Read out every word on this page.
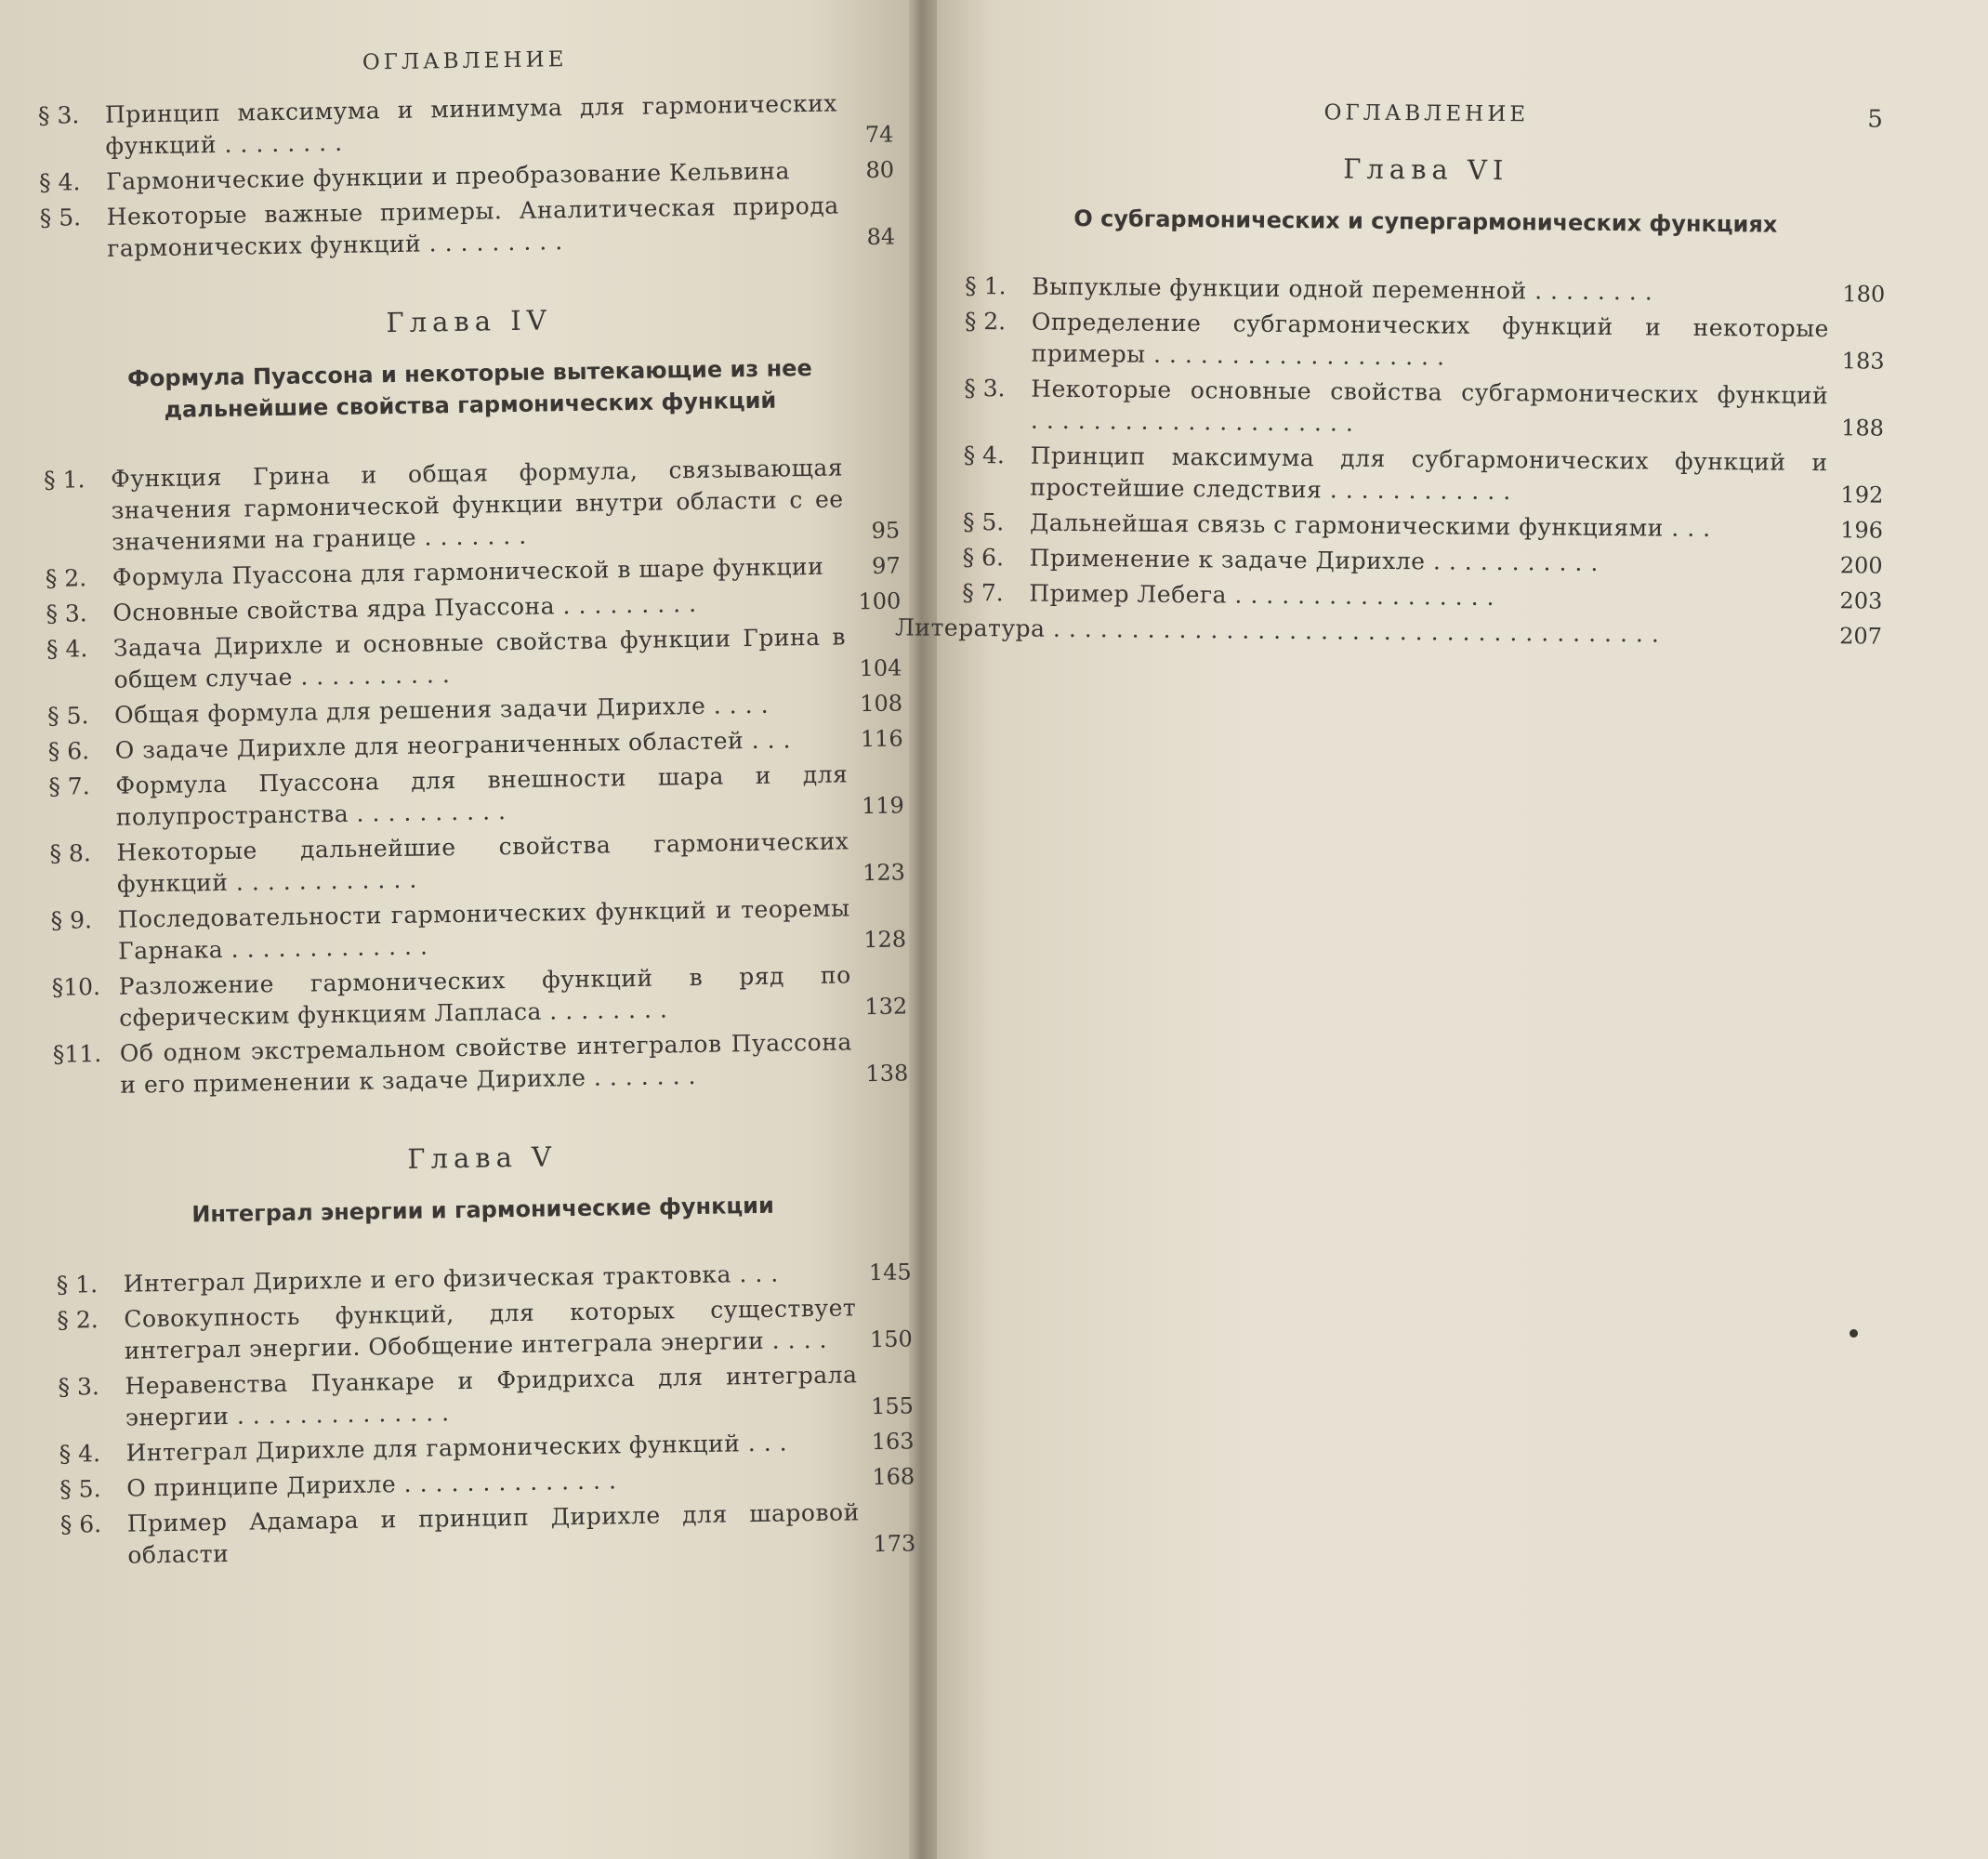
ОГЛАВЛЕНИЕ
§ 3.	Принцип максимума и минимума для гармонических функций ........	74
§ 4.	Гармонические функции и преобразование Кельвина	80
§ 5.	Некоторые важные примеры. Аналитическая природа гармонических функций .........	84
Глава IV
Формула Пуассона и некоторые вытекающие из нее дальнейшие свойства гармонических функций
§ 1.	Функция Грина и общая формула, связывающая значения гармонической функции внутри области с ее значениями на границе .......	95
§ 2.	Формула Пуассона для гармонической в шаре функции	97
§ 3.	Основные свойства ядра Пуассона .........	100
§ 4.	Задача Дирихле и основные свойства функции Грина в общем случае ..........	104
§ 5.	Общая формула для решения задачи Дирихле ....	108
§ 6.	О задаче Дирихле для неограниченных областей ...	116
§ 7.	Формула Пуассона для внешности шара и для полупространства ..........	119
§ 8.	Некоторые дальнейшие свойства гармонических функций ............	123
§ 9.	Последовательности гармонических функций и теоремы Гарнака .............	128
§10. Разложение гармонических функций в ряд по сферическим функциям Лапласа ........	132
§11. Об одном экстремальном свойстве интегралов Пуассона и его применении к задаче Дирихле .......	138
Глава V
Интеграл энергии и гармонические функции
§ 1.	Интеграл Дирихле и его физическая трактовка ...	145
§ 2.	Совокупность функций, для которых существует интеграл энергии. Обобщение интеграла энергии ....	150
§ 3.	Неравенства Пуанкаре и Фридрихса для интеграла энергии ..............	155
§ 4.	Интеграл Дирихле для гармонических функций ...	163
§ 5.	О принципе Дирихле ..............	168
§ 6.	Пример Адамара и принцип Дирихле для шаровой области	173
ОГЛАВЛЕНИЕ	5
Глава VI
О субгармонических и супергармонических функциях
§ 1.	Выпуклые функции одной переменной ........	180
§ 2.	Определение субгармонических функций и некоторые примеры ...................	183
§ 3.	Некоторые основные свойства субгармонических функций .....................	188
§ 4.	Принцип максимума для субгармонических функций и простейшие следствия ............	192
§ 5.	Дальнейшая связь с гармоническими функциями ...	196
§ 6.	Применение к задаче Дирихле ...........	200
§ 7.	Пример Лебега .................	203
Литература .......................................	207
